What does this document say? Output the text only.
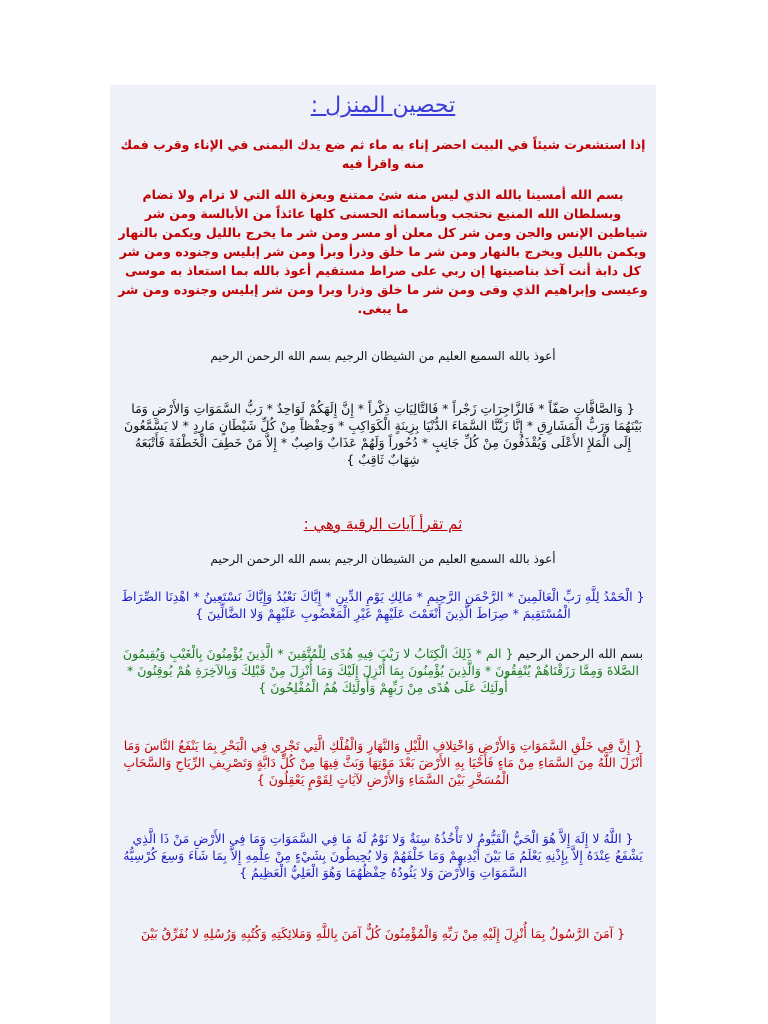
تحصين المنزل :
إذا استشعرت شيئاً في البيت احضر إناء به ماء ثم ضع يدك اليمنى في الإناء وقرب فمك منه واقرأ فيه
بسم الله أمسينا بالله الذي ليس منه شئ ممتنع وبعزة الله التي لا ترام ولا تضام وبسلطان الله المنيع نحتجب وبأسمائه الحسنى كلها عائذاً من الأبالسة ومن شر شياطين الإنس والجن ومن شر كل معلن أو مسر ومن شر ما يخرج بالليل ويكمن بالنهار ويكمن بالليل ويخرج بالنهار ومن شر ما خلق وذرأ وبرأ ومن شر إبليس وجنوده ومن شر كل دابة أنت آخذ بناصيتها إن ربي على صراط مستقيم أعوذ بالله بما استعاذ به موسى وعيسى وإبراهيم الذي وفى ومن شر ما خلق وذرا وبرا ومن شر إبليس وجنوده ومن شر ما يبغى.
أعوذ بالله السميع العليم من الشيطان الرجيم بسم الله الرحمن الرحيم
{ وَالصَّافَّاتِ صَفّاً * فَالزَّاجِرَاتِ زَجْراً * فَالتَّالِيَاتِ ذِكْراً * إِنَّ إِلَهَكُمْ لَوَاحِدٌ * رَبُّ السَّمَوَاتِ وَالأَرْضِ وَمَا بَيْنَهُمَا وَرَبُّ الْمَشَارِقِ * إِنَّا زَيَّنَّا السَّمَاءَ الدُّنْيَا بِزِينَةٍ الْكَوَاكِبِ * وَحِفْظاً مِنْ كُلِّ شَيْطَانٍ مَارِدٍ * لا يَسَّمَّعُونَ إِلَى الْمَلإِ الأَعْلَى وَيُقْذَفُونَ مِنْ كُلِّ جَانِبٍ * دُحُوراً وَلَهُمْ عَذَابٌ وَاصِبٌ * إِلاَّ مَنْ خَطِفَ الْخَطْفَةَ فَأَتْبَعَهُ شِهَابٌ ثَاقِبٌ }
ثم تقرأ آيات الرقية وهي :
أعوذ بالله السميع العليم من الشيطان الرجيم بسم الله الرحمن الرحيم
{ الْحَمْدُ لِلَّهِ رَبِّ الْعَالَمِينَ * الرَّحْمَنِ الرَّحِيمِ * مَالِكِ يَوْمِ الدِّينِ * إِيَّاكَ نَعْبُدُ وَإِيَّاكَ نَسْتَعِينُ * اهْدِنَا الصِّرَاطَ الْمُسْتَقِيمَ * صِرَاطَ الَّذِينَ أَنْعَمْتَ عَلَيْهِمْ غَيْرِ الْمَغْضُوبِ عَلَيْهِمْ وَلا الضَّالِّينَ }
بسم الله الرحمن الرحيم { الم * ذَلِكَ الْكِتَابُ لا رَيْبَ فِيهِ هُدًى لِلْمُتَّقِينَ * الَّذِينَ يُؤْمِنُونَ بِالْغَيْبِ وَيُقِيمُونَ الصَّلاةَ وَمِمَّا رَزَقْنَاهُمْ يُنْفِقُونَ * وَالَّذِينَ يُؤْمِنُونَ بِمَا أُنْزِلَ إِلَيْكَ وَمَا أُنْزِلَ مِنْ قَبْلِكَ وَبِالآخِرَةِ هُمْ يُوقِنُونَ * أُولَئِكَ عَلَى هُدًى مِنْ رَبِّهِمْ وَأُولَئِكَ هُمُ الْمُفْلِحُونَ }
{ إِنَّ فِي خَلْقِ السَّمَوَاتِ وَالأَرْضِ وَاخْتِلافِ اللَّيْلِ وَالنَّهَارِ وَالْفُلْكِ الَّتِي تَجْرِي فِي الْبَحْرِ بِمَا يَنْفَعُ النَّاسَ وَمَا أَنْزَلَ اللَّهُ مِنَ السَّمَاءِ مِنْ مَاءٍ فَأَحْيَا بِهِ الأَرْضَ بَعْدَ مَوْتِهَا وَبَثَّ فِيهَا مِنْ كُلِّ دَابَّةٍ وَتَصْرِيفِ الرِّيَاحِ وَالسَّحَابِ الْمُسَخَّرِ بَيْنَ السَّمَاءِ وَالأَرْضِ لآيَاتٍ لِقَوْمٍ يَعْقِلُونَ }
{ اللَّهُ لا إِلَهَ إِلاَّ هُوَ الْحَيُّ الْقَيُّومُ لا تَأْخُذُهُ سِنَةٌ وَلا نَوْمٌ لَهُ مَا فِي السَّمَوَاتِ وَمَا فِي الأَرْضِ مَنْ ذَا الَّذِي يَشْفَعُ عِنْدَهُ إِلاَّ بِإِذْنِهِ يَعْلَمُ مَا بَيْنَ أَيْدِيهِمْ وَمَا خَلْفَهُمْ وَلا يُحِيطُونَ بِشَيْءٍ مِنْ عِلْمِهِ إِلاَّ بِمَا شَاءَ وَسِعَ كُرْسِيُّهُ السَّمَوَاتِ وَالأَرْضَ وَلا يَئُودُهُ حِفْظُهُمَا وَهُوَ الْعَلِيُّ الْعَظِيمُ }
{ آمَنَ الرَّسُولُ بِمَا أُنْزِلَ إِلَيْهِ مِنْ رَبِّهِ وَالْمُؤْمِنُونَ كُلٌّ آمَنَ بِاللَّهِ وَمَلائِكَتِهِ وَكُتُبِهِ وَرُسُلِهِ لا نُفَرِّقُ بَيْنَ
